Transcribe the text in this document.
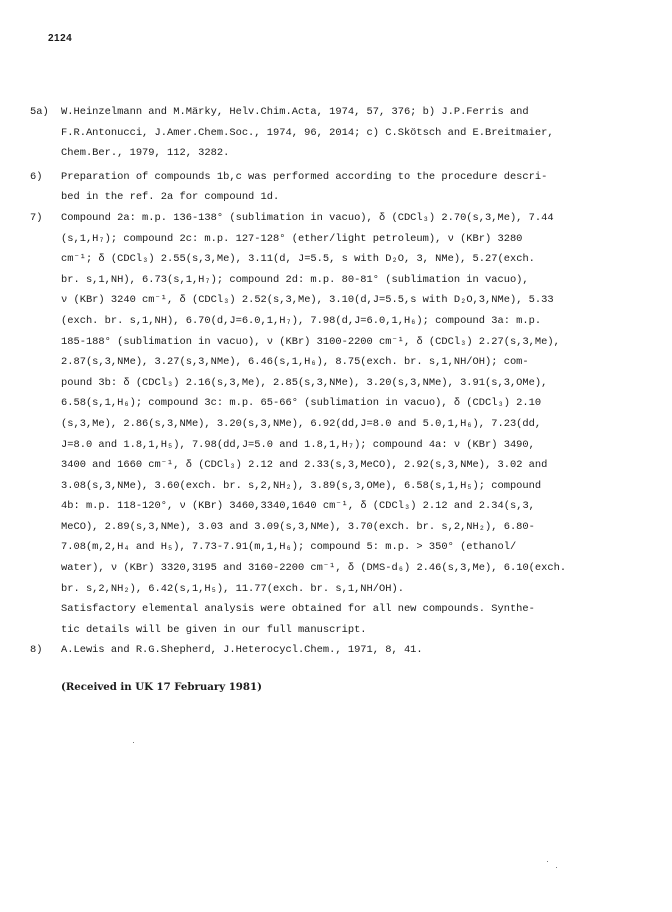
2124
5a) W.Heinzelmann and M.Märky, Helv.Chim.Acta, 1974, 57, 376; b) J.P.Ferris and
F.R.Antonucci, J.Amer.Chem.Soc., 1974, 96, 2014; c) C.Skötsch and E.Breitmaier,
Chem.Ber., 1979, 112, 3282.
6) Preparation of compounds 1b,c was performed according to the procedure descri-
bed in the ref. 2a for compound 1d.
7) Compound 2a: m.p. 136-138° (sublimation in vacuo), δ (CDCl₃) 2.70(s,3,Me), 7.44
(s,1,H₇); compound 2c: m.p. 127-128° (ether/light petroleum), ν (KBr) 3280
cm⁻¹; δ (CDCl₃) 2.55(s,3,Me), 3.11(d, J=5.5, s with D₂O, 3, NMe), 5.27(exch.
br. s,1,NH), 6.73(s,1,H₇); compound 2d: m.p. 80-81° (sublimation in vacuo),
ν (KBr) 3240 cm⁻¹, δ (CDCl₃) 2.52(s,3,Me), 3.10(d,J=5.5,s with D₂O,3,NMe), 5.33
(exch. br. s,1,NH), 6.70(d,J=6.0,1,H₇), 7.98(d,J=6.0,1,H₆); compound 3a: m.p.
185-188° (sublimation in vacuo), ν (KBr) 3100-2200 cm⁻¹, δ (CDCl₃) 2.27(s,3,Me),
2.87(s,3,NMe), 3.27(s,3,NMe), 6.46(s,1,H₆), 8.75(exch. br. s,1,NH/OH); com-
pound 3b: δ (CDCl₃) 2.16(s,3,Me), 2.85(s,3,NMe), 3.20(s,3,NMe), 3.91(s,3,OMe),
6.58(s,1,H₆); compound 3c: m.p. 65-66° (sublimation in vacuo), δ (CDCl₃) 2.10
(s,3,Me), 2.86(s,3,NMe), 3.20(s,3,NMe), 6.92(dd,J=8.0 and 5.0,1,H₆), 7.23(dd,
J=8.0 and 1.8,1,H₅), 7.98(dd,J=5.0 and 1.8,1,H₇); compound 4a: ν (KBr) 3490,
3400 and 1660 cm⁻¹, δ (CDCl₃) 2.12 and 2.33(s,3,MeCO), 2.92(s,3,NMe), 3.02 and
3.08(s,3,NMe), 3.60(exch. br. s,2,NH₂), 3.89(s,3,OMe), 6.58(s,1,H₅); compound
4b: m.p. 118-120°, ν (KBr) 3460,3340,1640 cm⁻¹, δ (CDCl₃) 2.12 and 2.34(s,3,
MeCO), 2.89(s,3,NMe), 3.03 and 3.09(s,3,NMe), 3.70(exch. br. s,2,NH₂), 6.80-
7.08(m,2,H₄ and H₅), 7.73-7.91(m,1,H₆); compound 5: m.p. > 350° (ethanol/
water), ν (KBr) 3320,3195 and 3160-2200 cm⁻¹, δ (DMS-d₆) 2.46(s,3,Me), 6.10(exch.
br. s,2,NH₂), 6.42(s,1,H₅), 11.77(exch. br. s,1,NH/OH).
Satisfactory elemental analysis were obtained for all new compounds. Synthe-
tic details will be given in our full manuscript.
8) A.Lewis and R.G.Shepherd, J.Heterocycl.Chem., 1971, 8, 41.
(Received in UK 17 February 1981)
